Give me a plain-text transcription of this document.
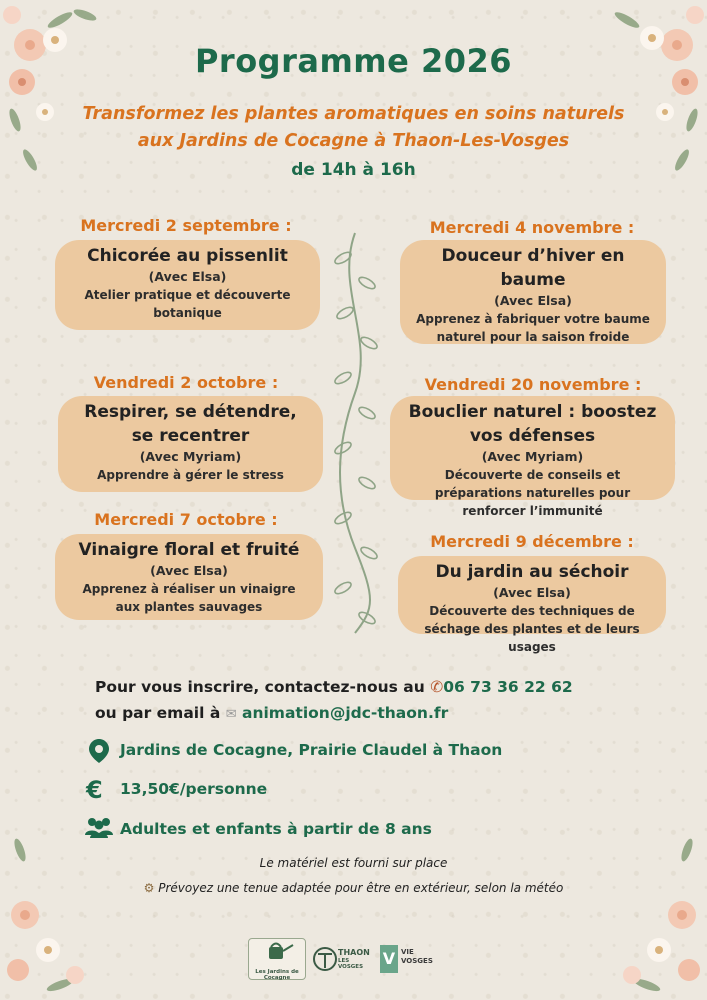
Programme 2026
Transformez les plantes aromatiques en soins naturels
aux Jardins de Cocagne à Thaon-Les-Vosges
de 14h à 16h
Mercredi 2 septembre :
Chicorée au pissenlit
(Avec Elsa)
Atelier pratique et découverte botanique
Vendredi 2 octobre :
Respirer, se détendre, se recentrer
(Avec Myriam)
Apprendre à gérer le stress
Mercredi 7 octobre :
Vinaigre floral et fruité
(Avec Elsa)
Apprenez à réaliser un vinaigre aux plantes sauvages
Mercredi 4 novembre :
Douceur d’hiver en baume
(Avec Elsa)
Apprenez à fabriquer votre baume naturel pour la saison froide
Vendredi 20 novembre :
Bouclier naturel : boostez vos défenses
(Avec Myriam)
Découverte de conseils et préparations naturelles pour renforcer l’immunité
Mercredi 9 décembre :
Du jardin au séchoir
(Avec Elsa)
Découverte des techniques de séchage des plantes et de leurs usages
Pour vous inscrire, contactez-nous au ✆06 73 36 22 62
ou par email à ✉ animation@jdc-thaon.fr
Jardins de Cocagne, Prairie Claudel à Thaon
€ 13,50€/personne
Adultes et enfants à partir de 8 ans
Le matériel est fourni sur place
⚙ Prévoyez une tenue adaptée pour être en extérieur, selon la météo
Les Jardins de Cocagne
THAON
LES VOSGES	V VIE
VOSGES
